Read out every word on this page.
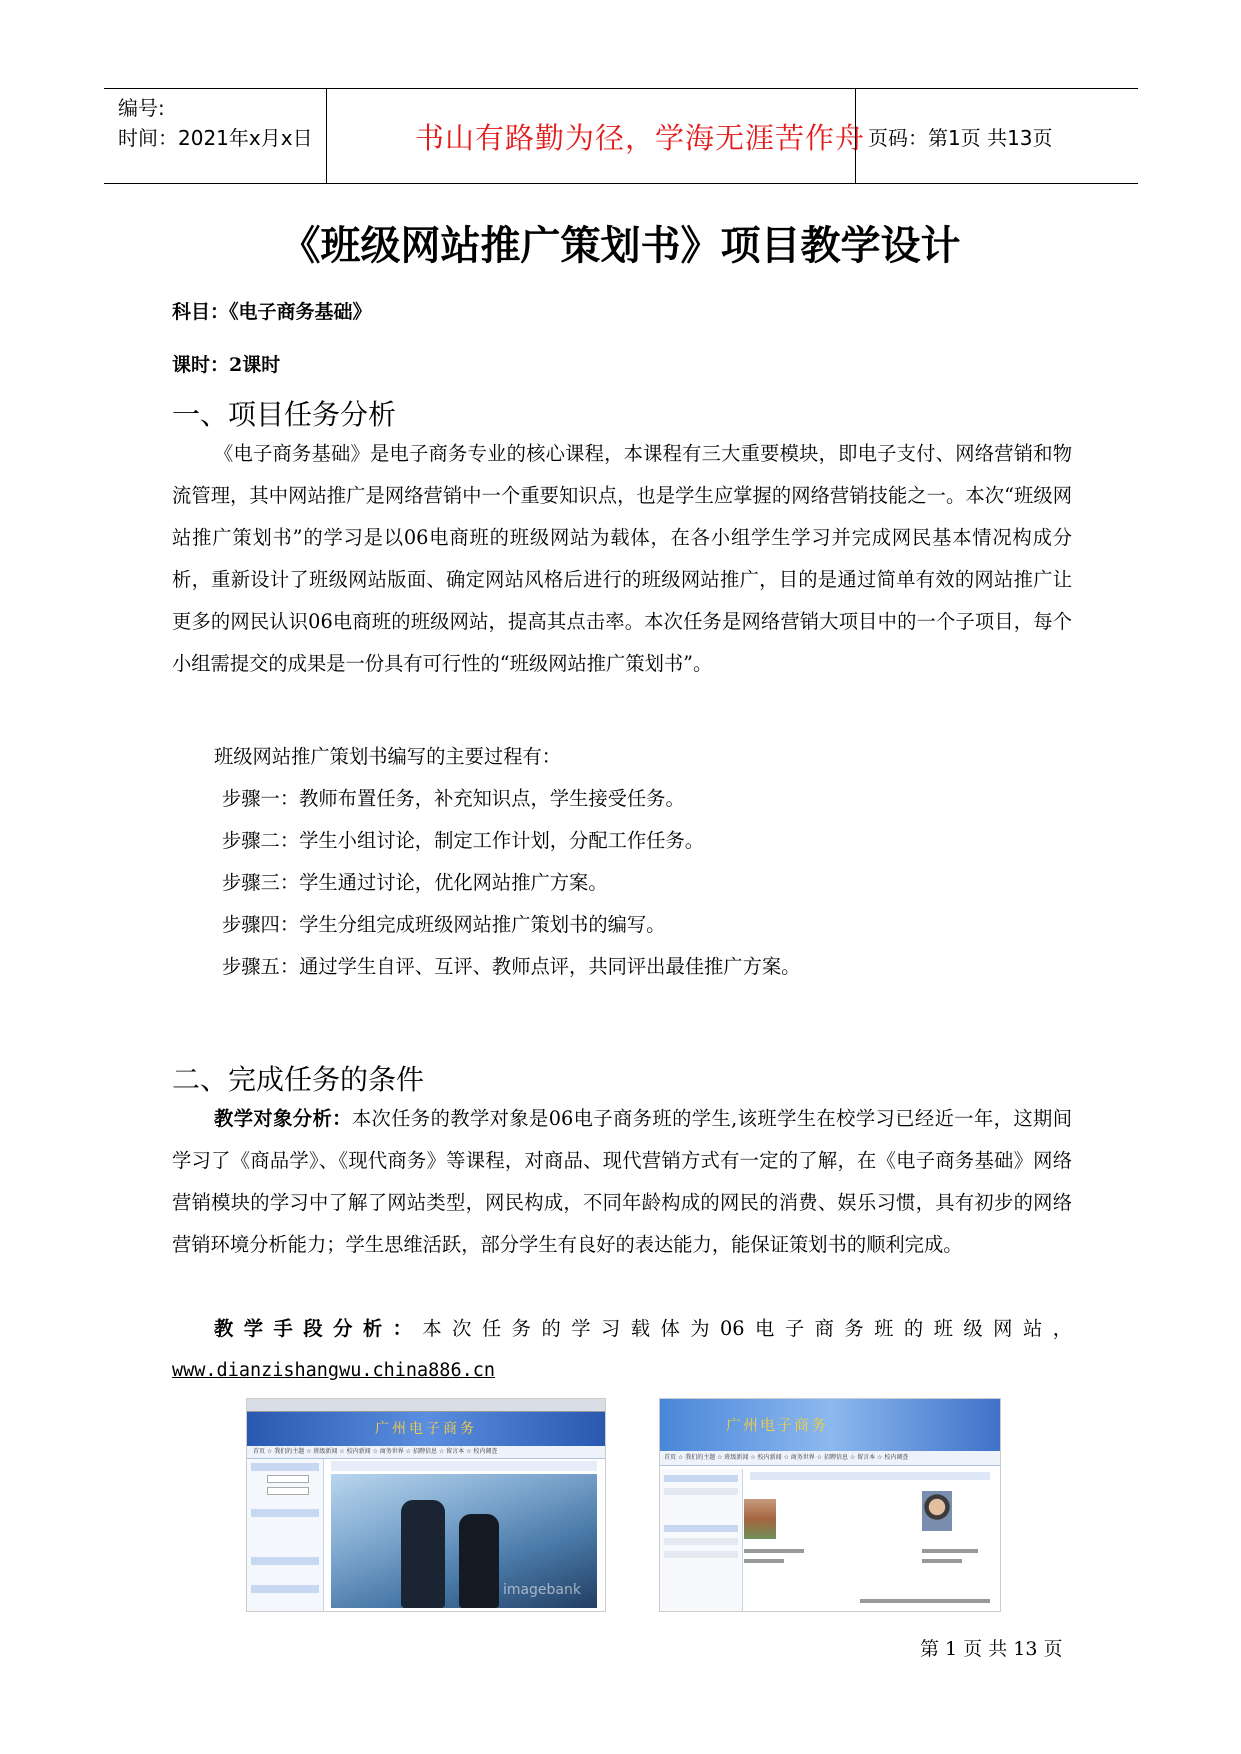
编号:
时间：2021年x月x日	书山有路勤为径，学海无涯苦作舟 页码：第1页 共13页
《班级网站推广策划书》项目教学设计
科目：《电子商务基础》
课时：2课时
一、项目任务分析

《电子商务基础》是电子商务专业的核心课程，本课程有三大重要模块，即电子支付、网络营销和物流管理，其中网站推广是网络营销中一个重要知识点，也是学生应掌握的网络营销技能之一。本次“班级网站推广策划书”的学习是以06电商班的班级网站为载体，在各小组学生学习并完成网民基本情况构成分析，重新设计了班级网站版面、确定网站风格后进行的班级网站推广，目的是通过简单有效的网站推广让更多的网民认识06电商班的班级网站，提高其点击率。本次任务是网络营销大项目中的一个子项目，每个小组需提交的成果是一份具有可行性的“班级网站推广策划书”。

班级网站推广策划书编写的主要过程有：
步骤一：教师布置任务，补充知识点，学生接受任务。
步骤二：学生小组讨论，制定工作计划，分配工作任务。
步骤三：学生通过讨论，优化网站推广方案。
步骤四：学生分组完成班级网站推广策划书的编写。
步骤五：通过学生自评、互评、教师点评，共同评出最佳推广方案。
二、完成任务的条件

教学对象分析：本次任务的教学对象是06电子商务班的学生,该班学生在校学习已经近一年，这期间学习了《商品学》、《现代商务》等课程，对商品、现代营销方式有一定的了解，在《电子商务基础》网络营销模块的学习中了解了网站类型，网民构成，不同年龄构成的网民的消费、娱乐习惯，具有初步的网络营销环境分析能力；学生思维活跃，部分学生有良好的表达能力，能保证策划书的顺利完成。

教学手段分析：本次任务的学习载体为06电子商务班的班级网站，

www.dianzishangwu.china886.cn
广州电子商务
首页 ☆ 我们的主题 ☆ 班级新闻 ☆ 校内新闻 ☆ 商务世界 ☆ 招聘信息 ☆ 留言本 ☆ 校内调查
imagebank
广州电子商务
首页 ☆ 我们的主题 ☆ 班级新闻 ☆ 校内新闻 ☆ 商务世界 ☆ 招聘信息 ☆ 留言本 ☆ 校内调查
第 1 页 共 13 页
